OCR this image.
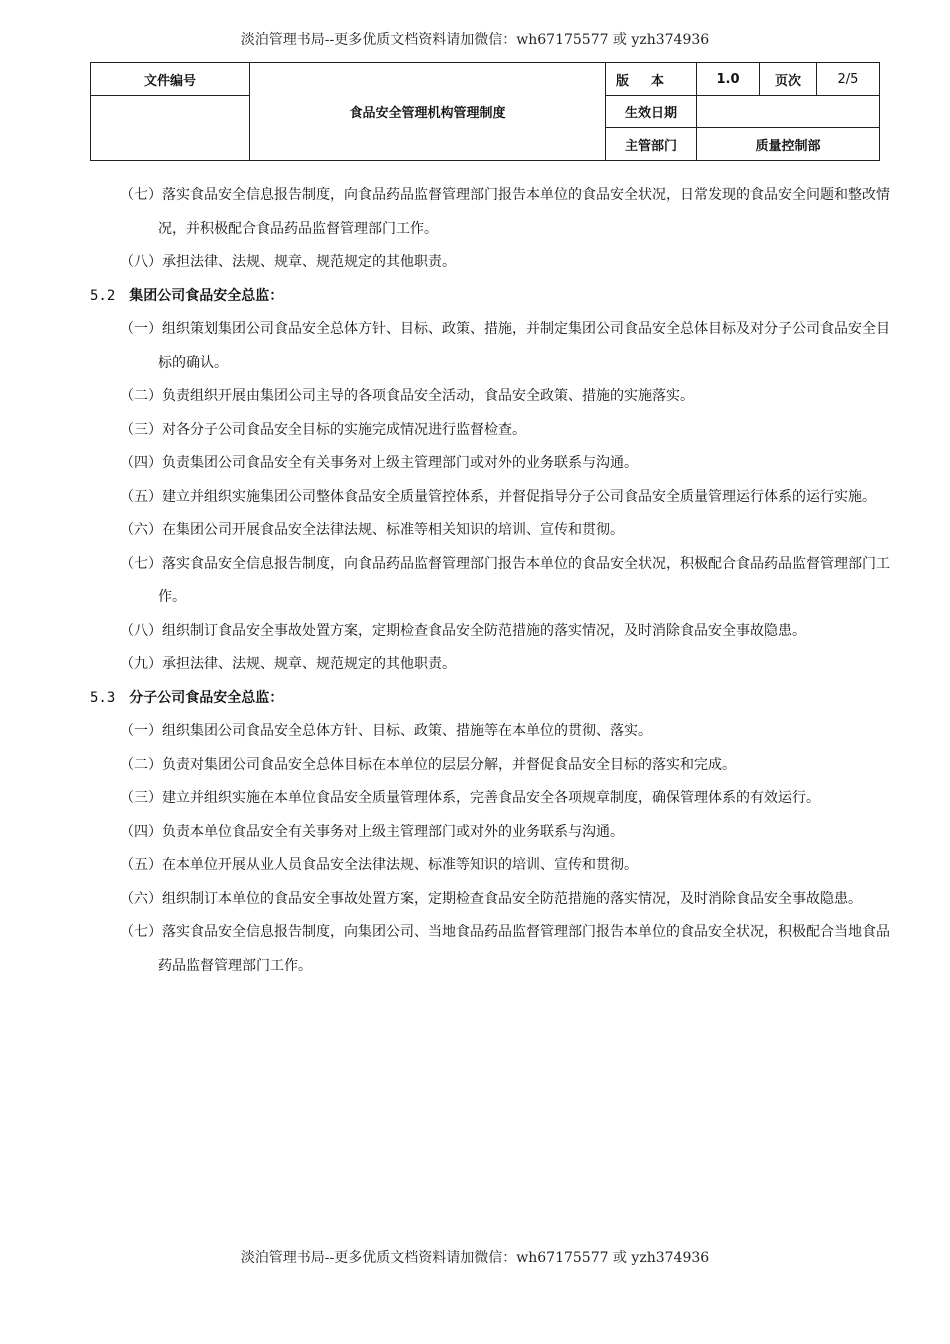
淡泊管理书局--更多优质文档资料请加微信：wh67175577 或 yzh374936
文件编号	食品安全管理机构管理制度	版本	1.0	页次	2/5
		生效日期			
		主管部门	质量控制部		
（七）落实食品安全信息报告制度，向食品药品监督管理部门报告本单位的食品安全状况，日常发现的食品安全问题和整改情况，并积极配合食品药品监督管理部门工作。
（八）承担法律、法规、规章、规范规定的其他职责。
5.2 集团公司食品安全总监：
（一）组织策划集团公司食品安全总体方针、目标、政策、措施，并制定集团公司食品安全总体目标及对分子公司食品安全目标的确认。
（二）负责组织开展由集团公司主导的各项食品安全活动，食品安全政策、措施的实施落实。
（三）对各分子公司食品安全目标的实施完成情况进行监督检查。
（四）负责集团公司食品安全有关事务对上级主管理部门或对外的业务联系与沟通。
（五）建立并组织实施集团公司整体食品安全质量管控体系，并督促指导分子公司食品安全质量管理运行体系的运行实施。
（六）在集团公司开展食品安全法律法规、标准等相关知识的培训、宣传和贯彻。
（七）落实食品安全信息报告制度，向食品药品监督管理部门报告本单位的食品安全状况，积极配合食品药品监督管理部门工作。
（八）组织制订食品安全事故处置方案，定期检查食品安全防范措施的落实情况，及时消除食品安全事故隐患。
（九）承担法律、法规、规章、规范规定的其他职责。
5.3 分子公司食品安全总监：
（一）组织集团公司食品安全总体方针、目标、政策、措施等在本单位的贯彻、落实。
（二）负责对集团公司食品安全总体目标在本单位的层层分解，并督促食品安全目标的落实和完成。
（三）建立并组织实施在本单位食品安全质量管理体系，完善食品安全各项规章制度，确保管理体系的有效运行。
（四）负责本单位食品安全有关事务对上级主管理部门或对外的业务联系与沟通。
（五）在本单位开展从业人员食品安全法律法规、标准等知识的培训、宣传和贯彻。
（六）组织制订本单位的食品安全事故处置方案，定期检查食品安全防范措施的落实情况，及时消除食品安全事故隐患。
（七）落实食品安全信息报告制度，向集团公司、当地食品药品监督管理部门报告本单位的食品安全状况，积极配合当地食品药品监督管理部门工作。
淡泊管理书局--更多优质文档资料请加微信：wh67175577 或 yzh374936
